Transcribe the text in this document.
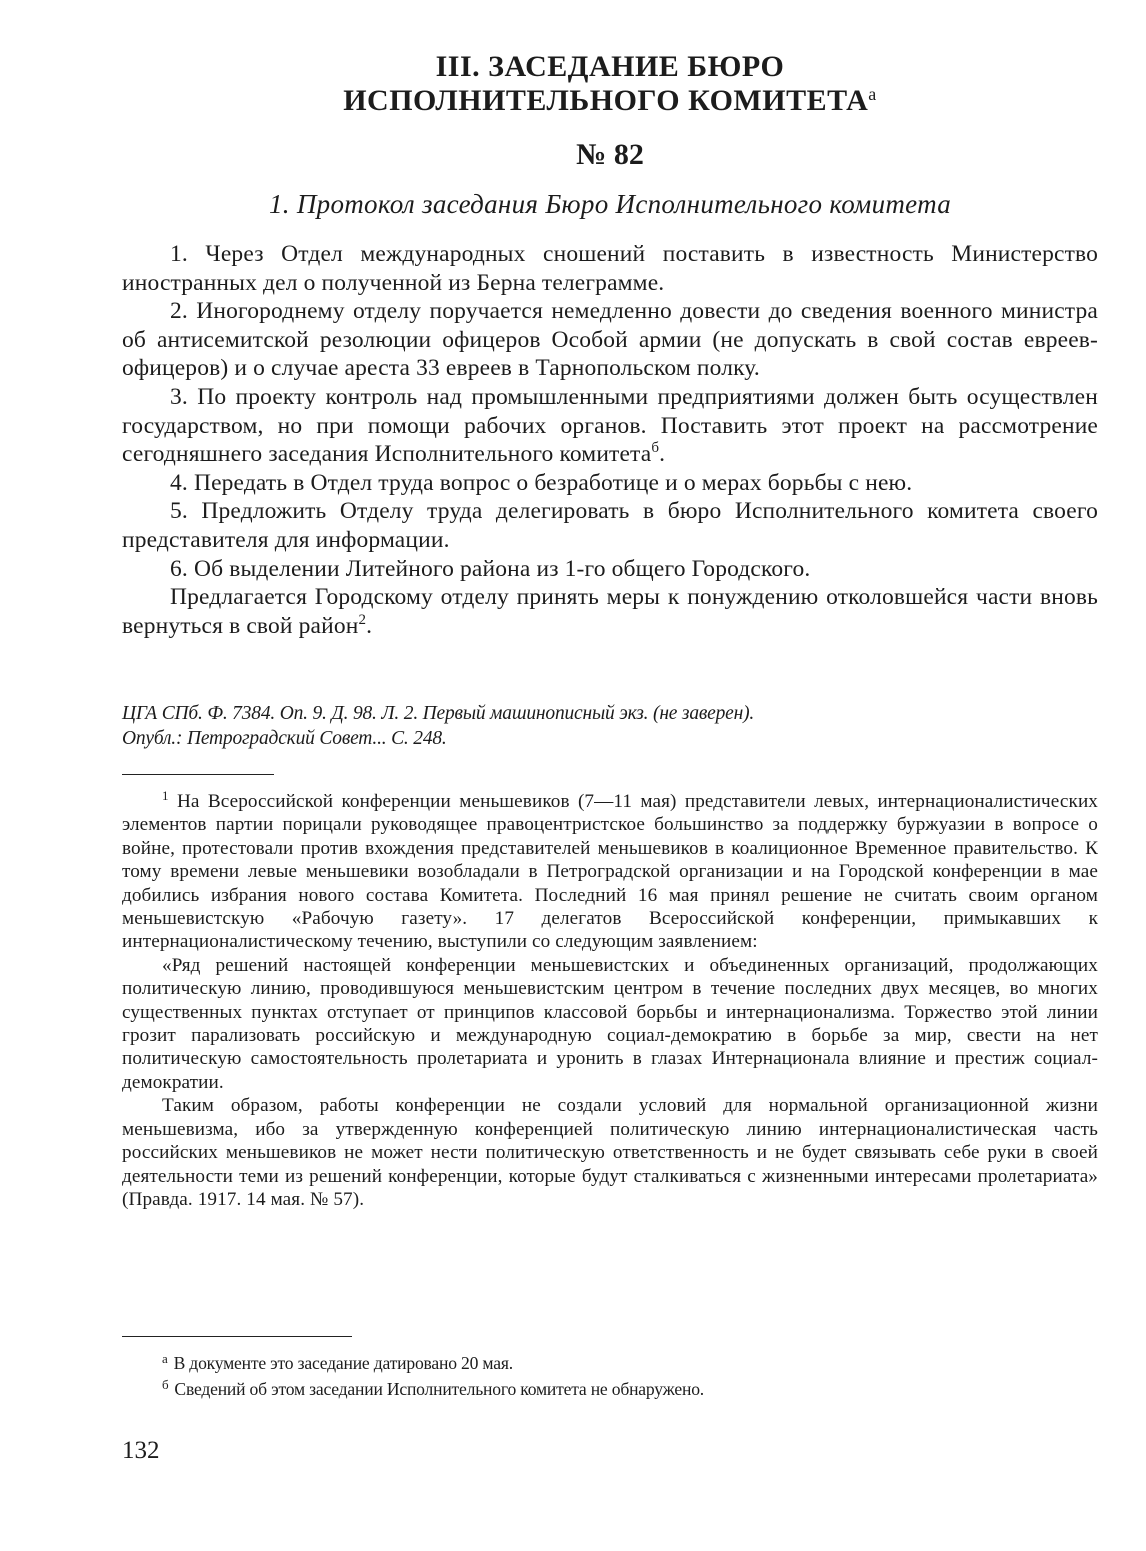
III. ЗАСЕДАНИЕ БЮРО
ИСПОЛНИТЕЛЬНОГО $КОМИТЕТА^а$
№ 82
1. Протокол заседания Бюро Исполнительного комитета

1. Через Отдел международных сношений поставить в известность Министерство иностранных дел о полученной из Берна телеграмме.

2. Иногороднему отделу поручается немедленно довести до сведения военного министра об антисемитской резолюции офицеров Особой армии (не допускать в свой состав евреев-офицеров) и о случае ареста 33 евреев в Тарнопольском полку.

3. По проекту контроль над промышленными предприятиями должен быть осуществлен государством, но при помощи рабочих органов. Поставить этот проект на рассмотрение сегодняшнего заседания Исполнительного комитета$^б$.

4. Передать в Отдел труда вопрос о безработице и о мерах борьбы с нею.

5. Предложить Отделу труда делегировать в бюро Исполнительного комитета своего представителя для информации.

6. Об выделении Литейного района из 1-го общего Городского.

Предлагается Городскому отделу принять меры к понуждению отколовшейся части вновь вернуться в свой район$^2$.

ЦГА СПб. Ф. 7384. Оп. 9. Д. 98. Л. 2. Первый машинописный экз. (не заверен).
Опубл.: Петроградский Совет... С. 248.

$^1$ На Всероссийской конференции меньшевиков (7—11 мая) представители левых, интернационалистических элементов партии порицали руководящее правоцентристское большинство за поддержку буржуазии в вопросе о войне, протестовали против вхождения представителей меньшевиков в коалиционное Временное правительство. К тому времени левые меньшевики возобладали в Петроградской организации и на Городской конференции в мае добились избрания нового состава Комитета. Последний 16 мая принял решение не считать своим органом меньшевистскую «Рабочую газету». 17 делегатов Всероссийской конференции, примыкавших к интернационалистическому течению, выступили со следующим заявлением:

«Ряд решений настоящей конференции меньшевистских и объединенных организаций, продолжающих политическую линию, проводившуюся меньшевистским центром в течение последних двух месяцев, во многих существенных пунктах отступает от принципов классовой борьбы и интернационализма. Торжество этой линии грозит парализовать российскую и международную социал-демократию в борьбе за мир, свести на нет политическую самостоятельность пролетариата и уронить в глазах Интернационала влияние и престиж социал-демократии.

Таким образом, работы конференции не создали условий для нормальной организационной жизни меньшевизма, ибо за утвержденную конференцией политическую линию интернационалистическая часть российских меньшевиков не может нести политическую ответственность и не будет связывать себе руки в своей деятельности теми из решений конференции, которые будут сталкиваться с жизненными интересами пролетариата» (Правда. 1917. 14 мая. № 57).

$^а$ В документе это заседание датировано 20 мая.
$^б$ Сведений об этом заседании Исполнительного комитета не обнаружено.
132
